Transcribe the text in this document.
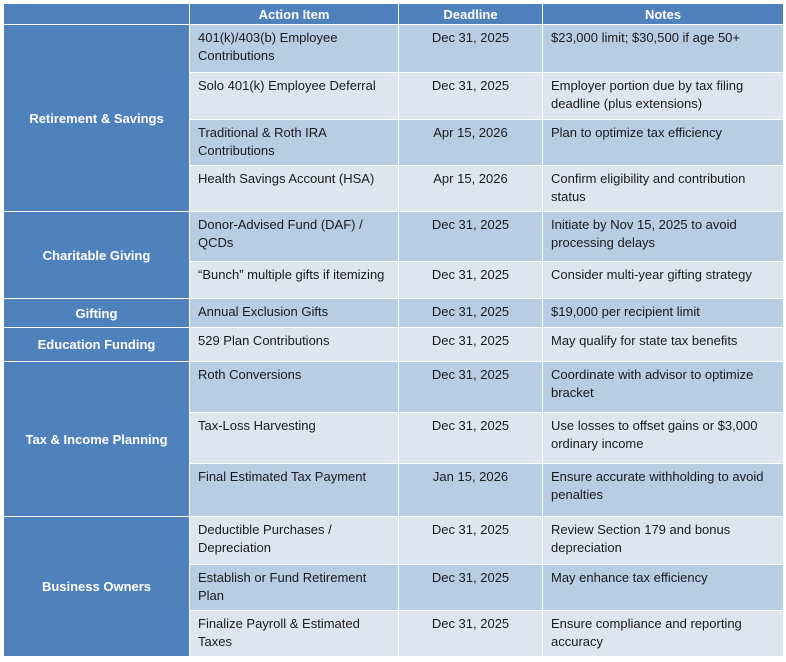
	Action Item	Deadline	Notes
Retirement & Savings	401(k)/403(b) Employee Contributions	Dec 31, 2025	$23,000 limit; $30,500 if age 50+
	Solo 401(k) Employee Deferral	Dec 31, 2025	Employer portion due by tax filing deadline (plus extensions)
	Traditional & Roth IRA Contributions	Apr 15, 2026	Plan to optimize tax efficiency
	Health Savings Account (HSA)	Apr 15, 2026	Confirm eligibility and contribution status
Charitable Giving	Donor-Advised Fund (DAF) / QCDs	Dec 31, 2025	Initiate by Nov 15, 2025 to avoid processing delays
	“Bunch” multiple gifts if itemizing	Dec 31, 2025	Consider multi-year gifting strategy
Gifting	Annual Exclusion Gifts	Dec 31, 2025	$19,000 per recipient limit
Education Funding	529 Plan Contributions	Dec 31, 2025	May qualify for state tax benefits
Tax & Income Planning	Roth Conversions	Dec 31, 2025	Coordinate with advisor to optimize bracket
	Tax-Loss Harvesting	Dec 31, 2025	Use losses to offset gains or $3,000 ordinary income
	Final Estimated Tax Payment	Jan 15, 2026	Ensure accurate withholding to avoid penalties
Business Owners	Deductible Purchases / Depreciation	Dec 31, 2025	Review Section 179 and bonus depreciation
	Establish or Fund Retirement Plan	Dec 31, 2025	May enhance tax efficiency
	Finalize Payroll & Estimated Taxes	Dec 31, 2025	Ensure compliance and reporting accuracy
